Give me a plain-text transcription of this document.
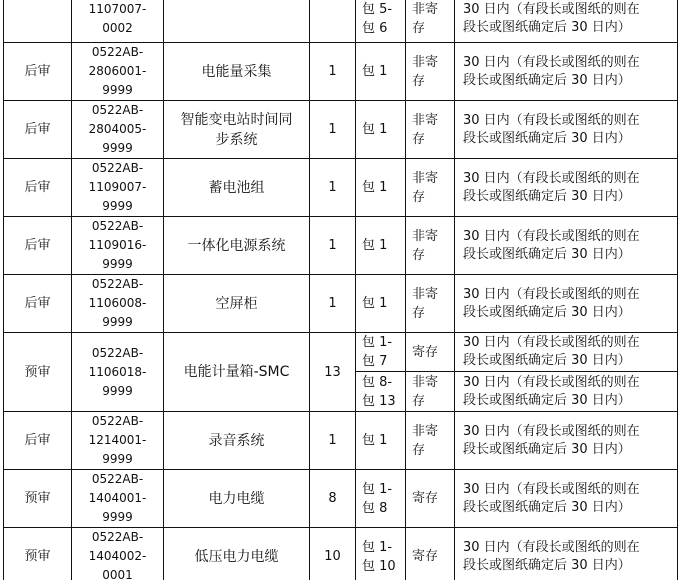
	1107007-
0002			包 5-
包 6	非寄
存	30 日内（有段长或图纸的则在
段长或图纸确定后 30 日内）
后审	0522AB-
2806001-
9999	电能量采集	1	包 1	非寄
存	30 日内（有段长或图纸的则在
段长或图纸确定后 30 日内）
后审	0522AB-
2804005-
9999	智能变电站时间同
步系统	1	包 1	非寄
存	30 日内（有段长或图纸的则在
段长或图纸确定后 30 日内）
后审	0522AB-
1109007-
9999	蓄电池组	1	包 1	非寄
存	30 日内（有段长或图纸的则在
段长或图纸确定后 30 日内）
后审	0522AB-
1109016-
9999	一体化电源系统	1	包 1	非寄
存	30 日内（有段长或图纸的则在
段长或图纸确定后 30 日内）
后审	0522AB-
1106008-
9999	空屏柜	1	包 1	非寄
存	30 日内（有段长或图纸的则在
段长或图纸确定后 30 日内）
预审	0522AB-
1106018-
9999	电能计量箱-SMC	13	包 1-
包 7	寄存	30 日内（有段长或图纸的则在
段长或图纸确定后 30 日内）
				包 8-
包 13	非寄
存	30 日内（有段长或图纸的则在
段长或图纸确定后 30 日内）
后审	0522AB-
1214001-
9999	录音系统	1	包 1	非寄
存	30 日内（有段长或图纸的则在
段长或图纸确定后 30 日内）
预审	0522AB-
1404001-
9999	电力电缆	8	包 1-
包 8	寄存	30 日内（有段长或图纸的则在
段长或图纸确定后 30 日内）
预审	0522AB-
1404002-
0001	低压电力电缆	10	包 1-
包 10	寄存	30 日内（有段长或图纸的则在
段长或图纸确定后 30 日内）
